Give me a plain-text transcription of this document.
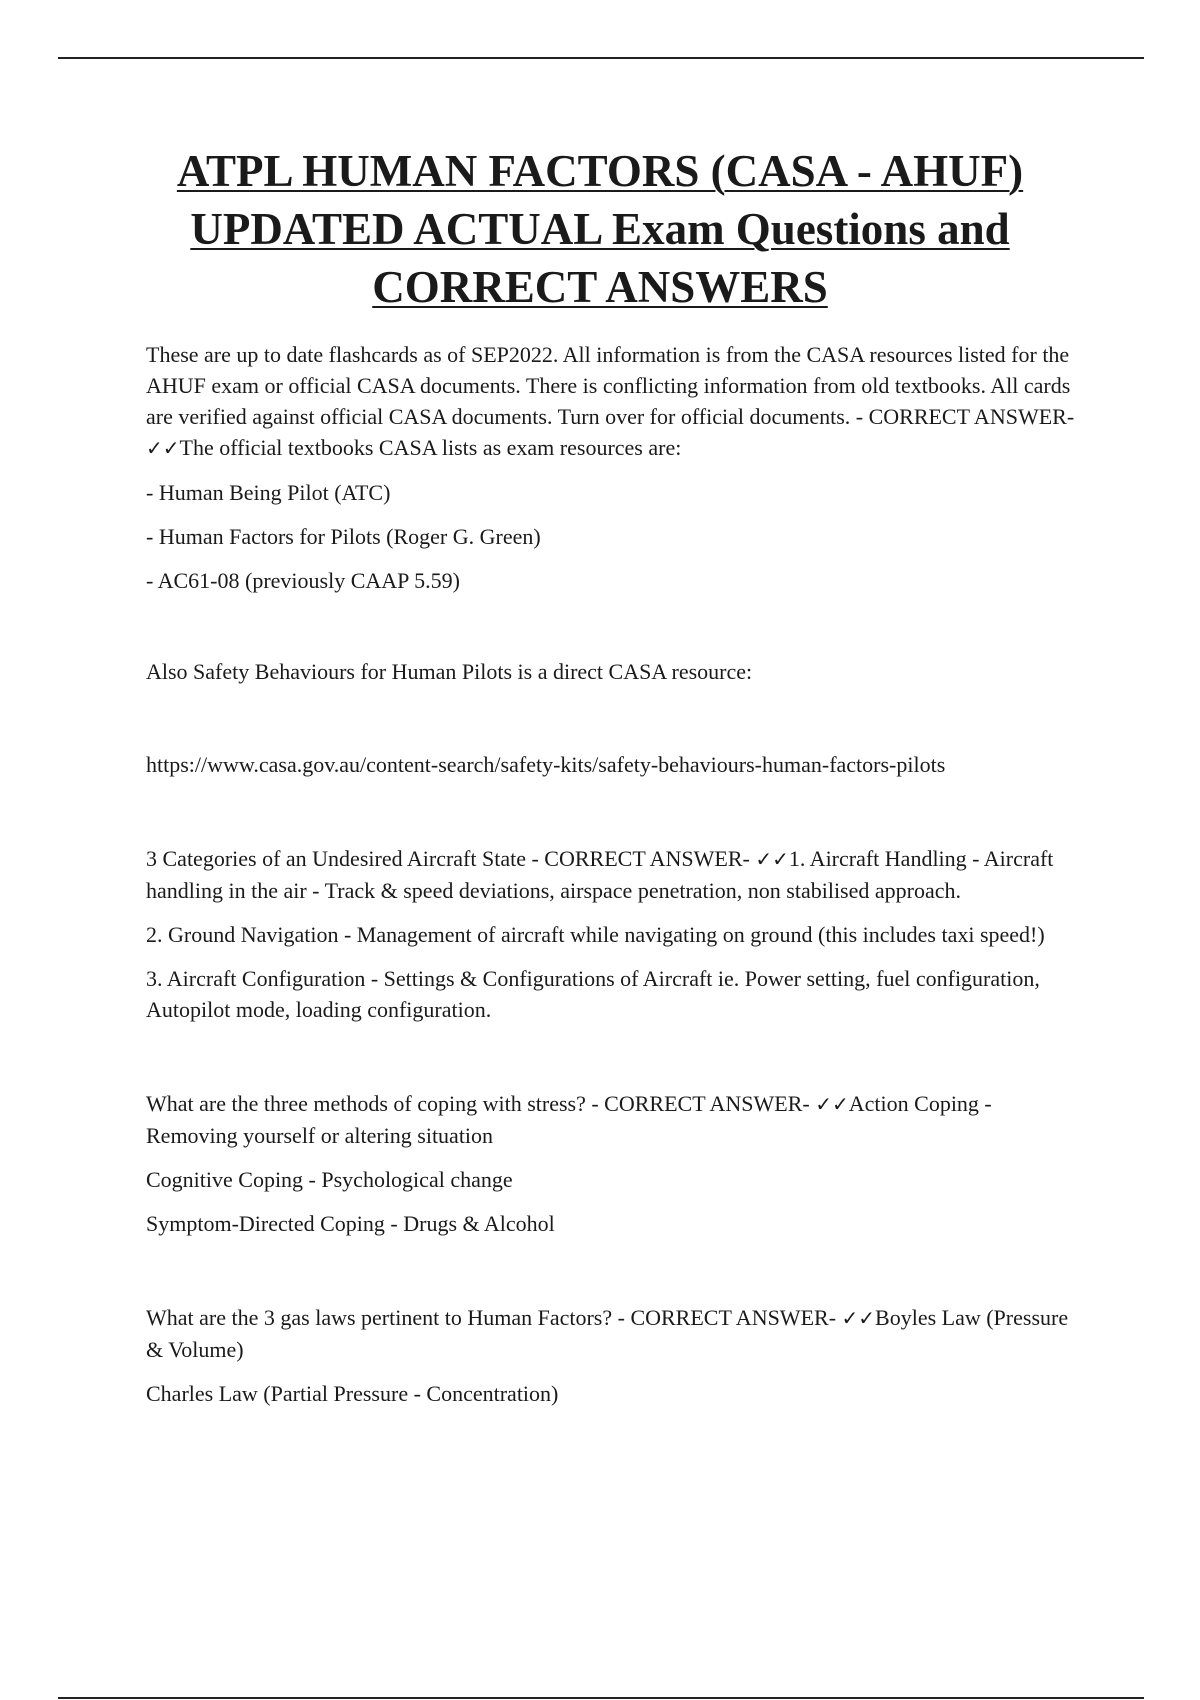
ATPL HUMAN FACTORS (CASA - AHUF) UPDATED ACTUAL Exam Questions and CORRECT ANSWERS

These are up to date flashcards as of SEP2022. All information is from the CASA resources listed for the AHUF exam or official CASA documents. There is conflicting information from old textbooks. All cards are verified against official CASA documents. Turn over for official documents. - CORRECT ANSWER- ✓✓The official textbooks CASA lists as exam resources are:

- Human Being Pilot (ATC)

- Human Factors for Pilots (Roger G. Green)

- AC61-08 (previously CAAP 5.59)

Also Safety Behaviours for Human Pilots is a direct CASA resource:

https://www.casa.gov.au/content-search/safety-kits/safety-behaviours-human-factors-pilots

3 Categories of an Undesired Aircraft State - CORRECT ANSWER- ✓✓1. Aircraft Handling - Aircraft handling in the air - Track & speed deviations, airspace penetration, non stabilised approach.

2. Ground Navigation - Management of aircraft while navigating on ground (this includes taxi speed!)

3. Aircraft Configuration - Settings & Configurations of Aircraft ie. Power setting, fuel configuration, Autopilot mode, loading configuration.

What are the three methods of coping with stress? - CORRECT ANSWER- ✓✓Action Coping - Removing yourself or altering situation

Cognitive Coping - Psychological change

Symptom-Directed Coping - Drugs & Alcohol

What are the 3 gas laws pertinent to Human Factors? - CORRECT ANSWER- ✓✓Boyles Law (Pressure & Volume)

Charles Law (Partial Pressure - Concentration)
